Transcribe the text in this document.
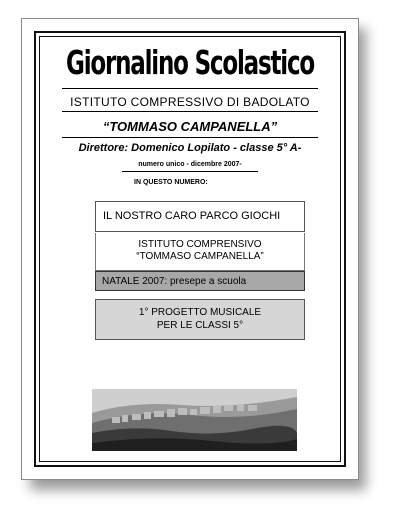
Giornalino Scolastico
ISTITUTO COMPRESSIVO DI BADOLATO
“TOMMASO CAMPANELLA”
Direttore: Domenico Lopilato - classe 5° A-
numero unico - dicembre 2007-
IN QUESTO NUMERO:
IL NOSTRO CARO PARCO GIOCHI
ISTITUTO COMPRENSIVO
“TOMMASO CAMPANELLA”
NATALE 2007: presepe a scuola
1° PROGETTO MUSICALE
PER LE CLASSI 5°
